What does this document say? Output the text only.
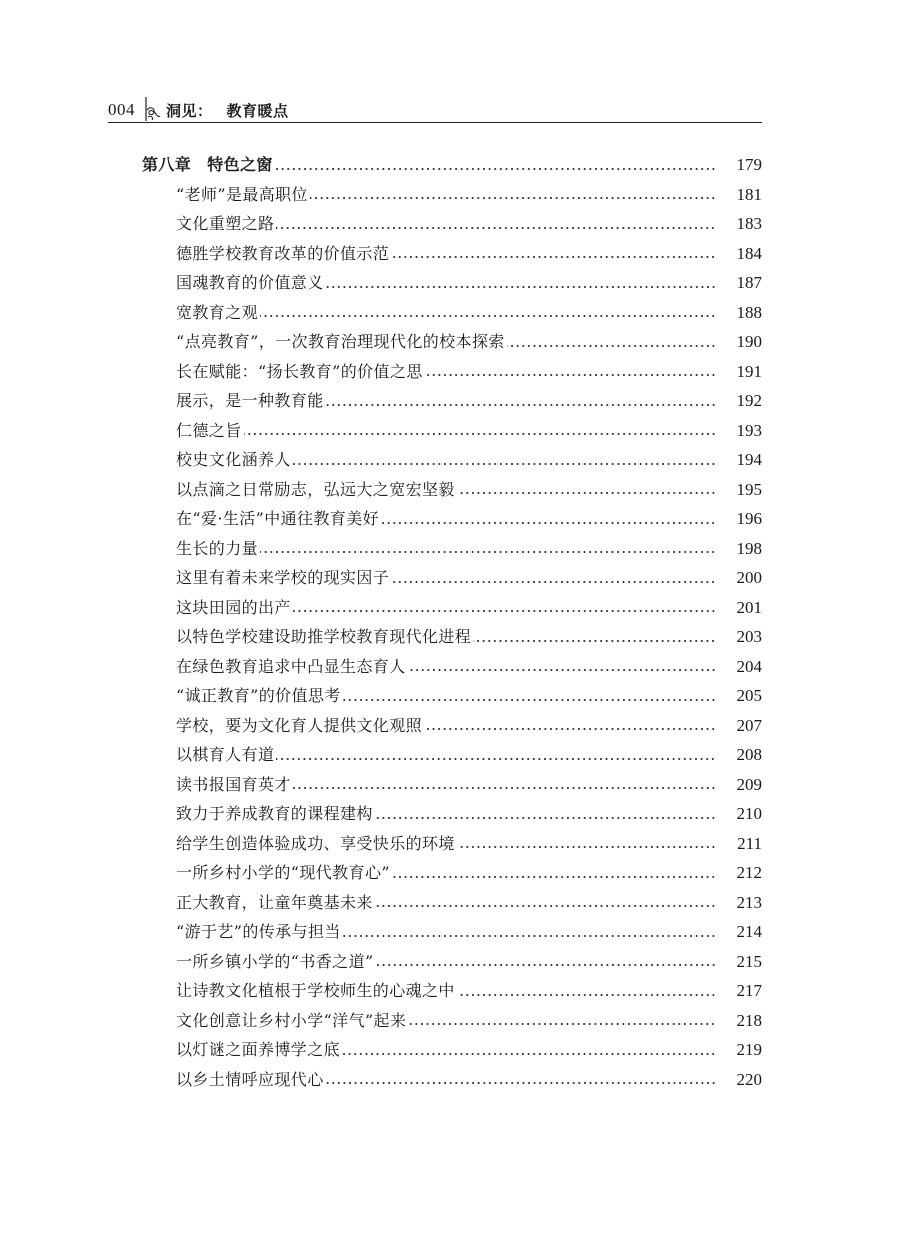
004 洞见： 教育暖点
第八章 特色之窗	179
“老师”是最高职位	181
文化重塑之路	183
德胜学校教育改革的价值示范	184
国魂教育的价值意义	187
宽教育之观	188
“点亮教育”，一次教育治理现代化的校本探索	190
长在赋能：“扬长教育”的价值之思	191
展示，是一种教育能	192
仁德之旨	193
校史文化涵养人	194
以点滴之日常励志，弘远大之宽宏坚毅	195
在“爱·生活”中通往教育美好	196
生长的力量	198
这里有着未来学校的现实因子	200
这块田园的出产	201
以特色学校建设助推学校教育现代化进程	203
在绿色教育追求中凸显生态育人	204
“诚正教育”的价值思考	205
学校，要为文化育人提供文化观照	207
以棋育人有道	208
读书报国育英才	209
致力于养成教育的课程建构	210
给学生创造体验成功、享受快乐的环境	211
一所乡村小学的“现代教育心”	212
正大教育，让童年奠基未来	213
“游于艺”的传承与担当	214
一所乡镇小学的“书香之道”	215
让诗教文化植根于学校师生的心魂之中	217
文化创意让乡村小学“洋气”起来	218
以灯谜之面养博学之底	219
以乡土情呼应现代心	220
